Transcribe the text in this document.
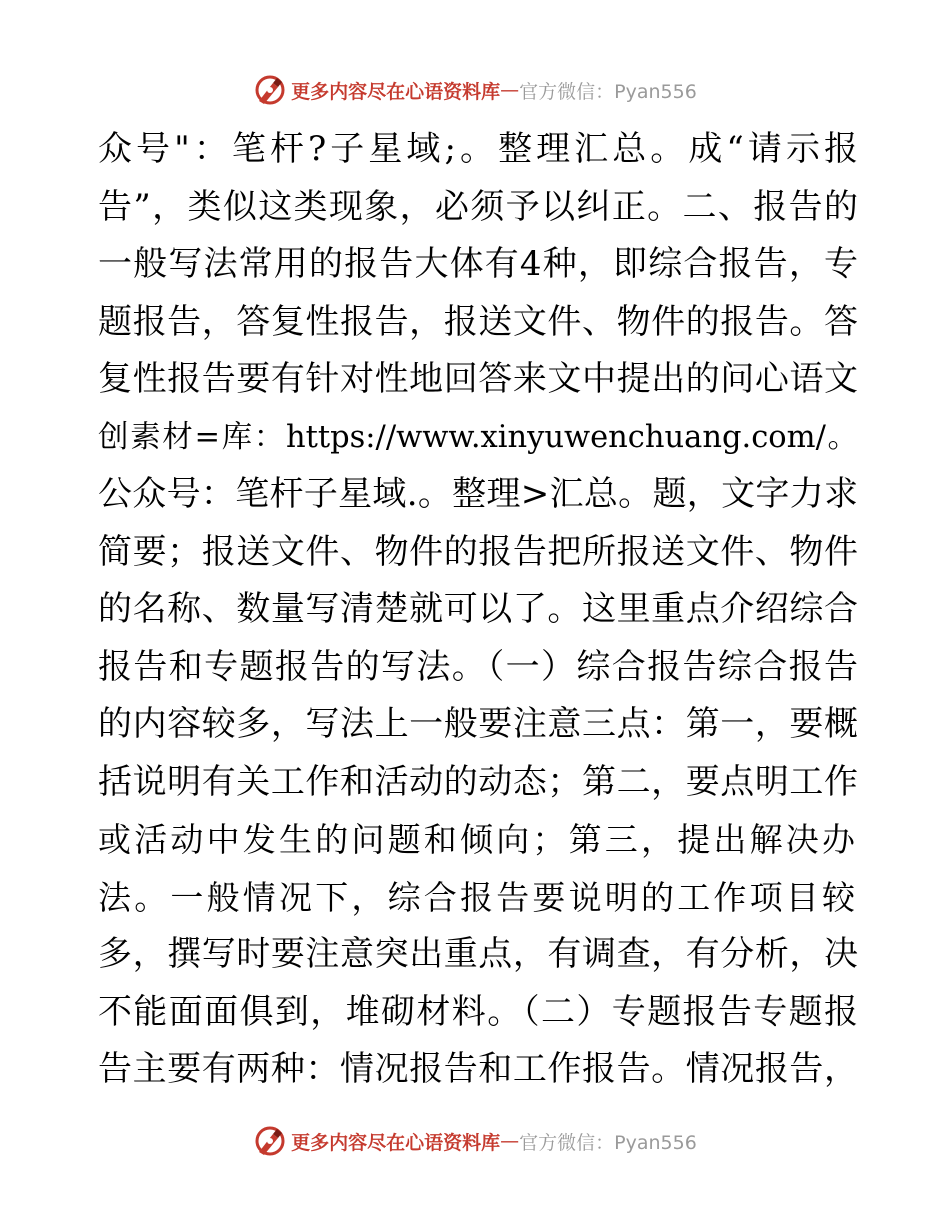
更多内容尽在心语资料库 — 官方微信：Pyan556
众号"：笔杆?子星域;。整理汇总。成“请示报
告”，类似这类现象，必须予以纠正。二、报告的
一般写法常用的报告大体有4种，即综合报告，专
题报告，答复性报告，报送文件、物件的报告。答
复性报告要有针对性地回答来文中提出的问心语文
创素材=库：https://www.xinyuwenchuang.com/。
公众号：笔杆子星域.。整理>汇总。题，文字力求
简要；报送文件、物件的报告把所报送文件、物件
的名称、数量写清楚就可以了。这里重点介绍综合
报告和专题报告的写法。（一）综合报告综合报告
的内容较多，写法上一般要注意三点：第一，要概
括说明有关工作和活动的动态；第二，要点明工作
或活动中发生的问题和倾向；第三，提出解决办
法。一般情况下，综合报告要说明的工作项目较
多，撰写时要注意突出重点，有调查，有分析，决
不能面面俱到，堆砌材料。（二）专题报告专题报
告主要有两种：情况报告和工作报告。情况报告，
更多内容尽在心语资料库 — 官方微信：Pyan556
